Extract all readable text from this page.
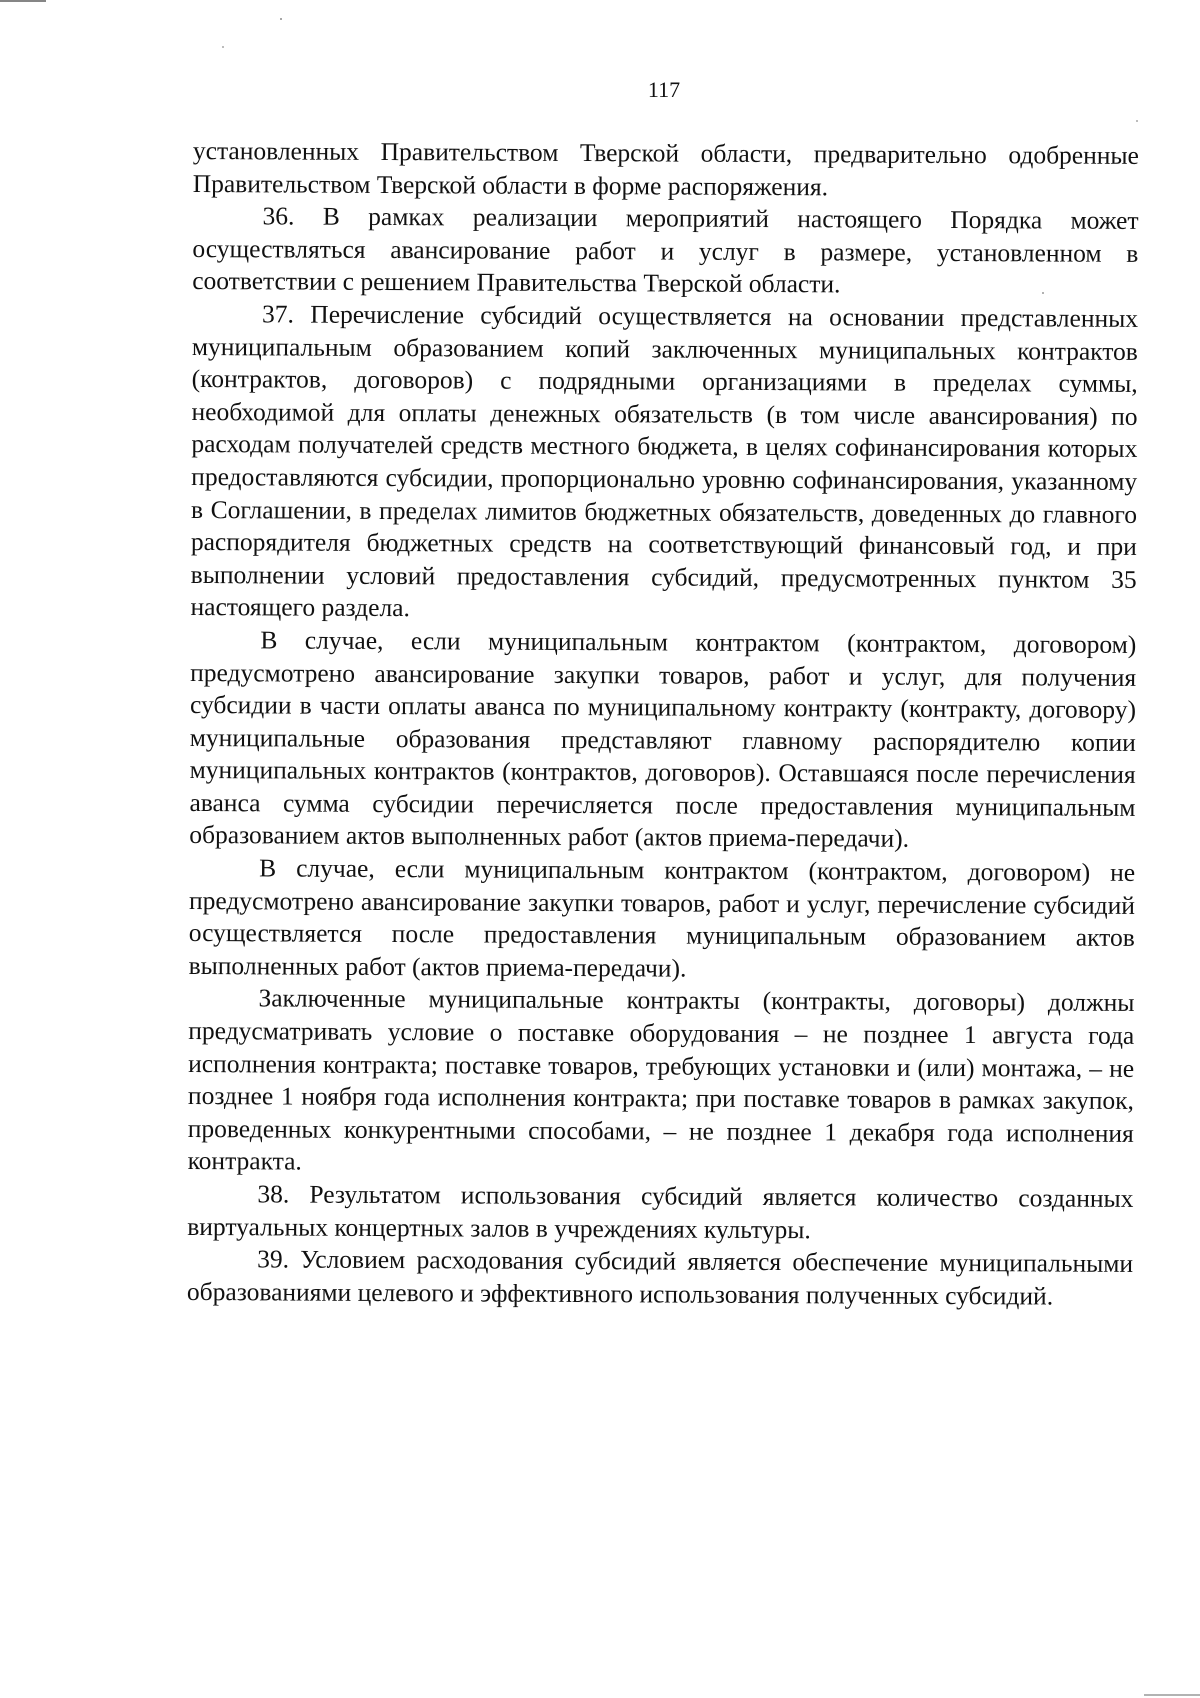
117

установленных Правительством Тверской области, предварительно одобренные Правительством Тверской области в форме распоряжения.

36. В рамках реализации мероприятий настоящего Порядка может осуществляться авансирование работ и услуг в размере, установленном в соответствии с решением Правительства Тверской области.

37. Перечисление субсидий осуществляется на основании представленных муниципальным образованием копий заключенных муниципальных контрактов (контрактов, договоров) с подрядными организациями в пределах суммы, необходимой для оплаты денежных обязательств (в том числе авансирования) по расходам получателей средств местного бюджета, в целях софинансирования которых предоставляются субсидии, пропорционально уровню софинансирования, указанному в Соглашении, в пределах лимитов бюджетных обязательств, доведенных до главного распорядителя бюджетных средств на соответствующий финансовый год, и при выполнении условий предоставления субсидий, предусмотренных пунктом 35 настоящего раздела.

В случае, если муниципальным контрактом (контрактом, договором) предусмотрено авансирование закупки товаров, работ и услуг, для получения субсидии в части оплаты аванса по муниципальному контракту (контракту, договору) муниципальные образования представляют главному распорядителю копии муниципальных контрактов (контрактов, договоров). Оставшаяся после перечисления аванса сумма субсидии перечисляется после предоставления муниципальным образованием актов выполненных работ (актов приема-передачи).

В случае, если муниципальным контрактом (контрактом, договором) не предусмотрено авансирование закупки товаров, работ и услуг, перечисление субсидий осуществляется после предоставления муниципальным образованием актов выполненных работ (актов приема-передачи).

Заключенные муниципальные контракты (контракты, договоры) должны предусматривать условие о поставке оборудования – не позднее 1 августа года исполнения контракта; поставке товаров, требующих установки и (или) монтажа, – не позднее 1 ноября года исполнения контракта; при поставке товаров в рамках закупок, проведенных конкурентными способами, – не позднее 1 декабря года исполнения контракта.

38. Результатом использования субсидий является количество созданных виртуальных концертных залов в учреждениях культуры.

39. Условием расходования субсидий является обеспечение муниципальными образованиями целевого и эффективного использования полученных субсидий.
